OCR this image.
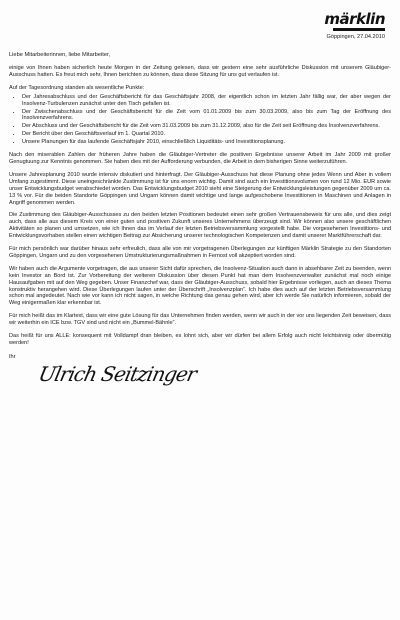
märklin
Göppingen, 27.04.2010
Liebe Mitarbeiterinnen, liebe Mitarbeiter,

einige von Ihnen haben sicherlich heute Morgen in der Zeitung gelesen, dass wir gestern eine sehr ausführliche Diskussion mit unserem Gläubiger-Ausschuss hatten. Es freut mich sehr, Ihnen berichten zu können, dass diese Sitzung für uns gut verlaufen ist.

Auf der Tagesordnung standen als wesentliche Punkte:

• Der Jahresabschluss und der Geschäftsbericht für das Geschäftsjahr 2008, der eigentlich schon im letzten Jahr fällig war, der aber wegen der Insolvenz-Turbulenzen zunächst unter den Tisch gefallen ist.
• Der Zwischenabschluss und der Geschäftsbericht für die Zeit vom 01.01.2009 bis zum 30.03.2009, also bis zum Tag der Eröffnung des Insolvenzverfahrens.
• Der Abschluss und der Geschäftsbericht für die Zeit vom 31.03.2009 bis zum 31.12.2009, also für die Zeit seit Eröffnung des Insolvenzverfahrens.
• Der Bericht über den Geschäftsverlauf im 1. Quartal 2010.
• Unsere Planungen für das laufende Geschäftsjahr 2010, einschließlich Liquiditäts- und Investitionsplanung.

Nach den miserablen Zahlen der früheren Jahre haben die Gläubiger-Vertreter die positiven Ergebnisse unserer Arbeit im Jahr 2009 mit großer Genugtuung zur Kenntnis genommen. Sie haben dies mit der Aufforderung verbunden, die Arbeit in dem bisherigen Sinne weiterzuführen.

Unsere Jahresplanung 2010 wurde intensiv diskutiert und hinterfragt. Der Gläubiger-Ausschuss hat diese Planung ohne jedes Wenn und Aber in vollem Umfang zugestimmt. Diese uneingeschränkte Zustimmung ist für uns enorm wichtig. Damit sind auch ein Investitionsvolumen von rund 12 Mio. EUR sowie unser Entwicklungsbudget verabschiedet worden. Das Entwicklungsbudget 2010 sieht eine Steigerung der Entwicklungsleistungen gegenüber 2009 um ca. 13 % vor. Für die beiden Standorte Göppingen und Ungarn können damit wichtige und lange aufgeschobene Investitionen in Maschinen und Anlagen in Angriff genommen werden.

Die Zustimmung des Gläubiger-Ausschusses zu den beiden letzten Positionen bedeutet einen sehr großen Vertrauensbeweis für uns alle, und dies zeigt auch, dass alle aus diesem Kreis von einer guten und positiven Zukunft unseres Unternehmens überzeugt sind. Wir können also unsere geschäftlichen Aktivitäten so planen und umsetzen, wie ich Ihnen das im Verlauf der letzten Betriebsversammlung vorgestellt habe. Die vorgesehenen Investitions- und Entwicklungsvorhaben stellen einen wichtigen Beitrag zur Absicherung unserer technologischen Kompetenzen und damit unserer Marktführerschaft dar.

Für mich persönlich war darüber hinaus sehr erfreulich, dass alle von mir vorgetragenen Überlegungen zur künftigen Märklin Strategie zu den Standorten Göppingen, Ungarn und zu den vorgesehenen Umstrukturierungsmaßnahmen in Fernost voll akzeptiert worden sind.

Wir haben auch die Argumente vorgetragen, die aus unserer Sicht dafür sprechen, die Insolvenz-Situation auch dann in absehbarer Zeit zu beenden, wenn kein Investor an Bord ist. Zur Vorbereitung der weiteren Diskussion über diesen Punkt hat man dem Insolvenzverwalter zunächst mal noch einige Hausaufgaben mit auf den Weg gegeben. Unser Finanzchef war, dass der Gläubiger-Ausschuss, sobald hier Ergebnisse vorliegen, auch an dieses Thema konstruktiv herangehen wird. Diese Überlegungen laufen unter der Überschrift „Insolvenzplan“. Ich habe dies auch auf der letzten Betriebsversammlung schon mal angedeutet. Nach wie vor kann ich nicht sagen, in welche Richtung das genau gehen wird, aber ich werde Sie natürlich informieren, sobald der Weg einigermaßen klar erkennbar ist.

Für mich heißt das im Klartext, dass wir eine gute Lösung für das Unternehmen finden werden, wenn wir auch in der vor uns liegenden Zeit beweisen, dass wir weiterhin ein ICE bzw. TGV sind und nicht ein „Bummel-Bähnle“.

Das heißt für uns ALLE: konsequent mit Volldampf dran bleiben, es lohnt sich, aber wir dürfen bei allem Erfolg auch nicht leichtsinnig oder übermütig werden!

Ihr
Ulrich Seitzinger
